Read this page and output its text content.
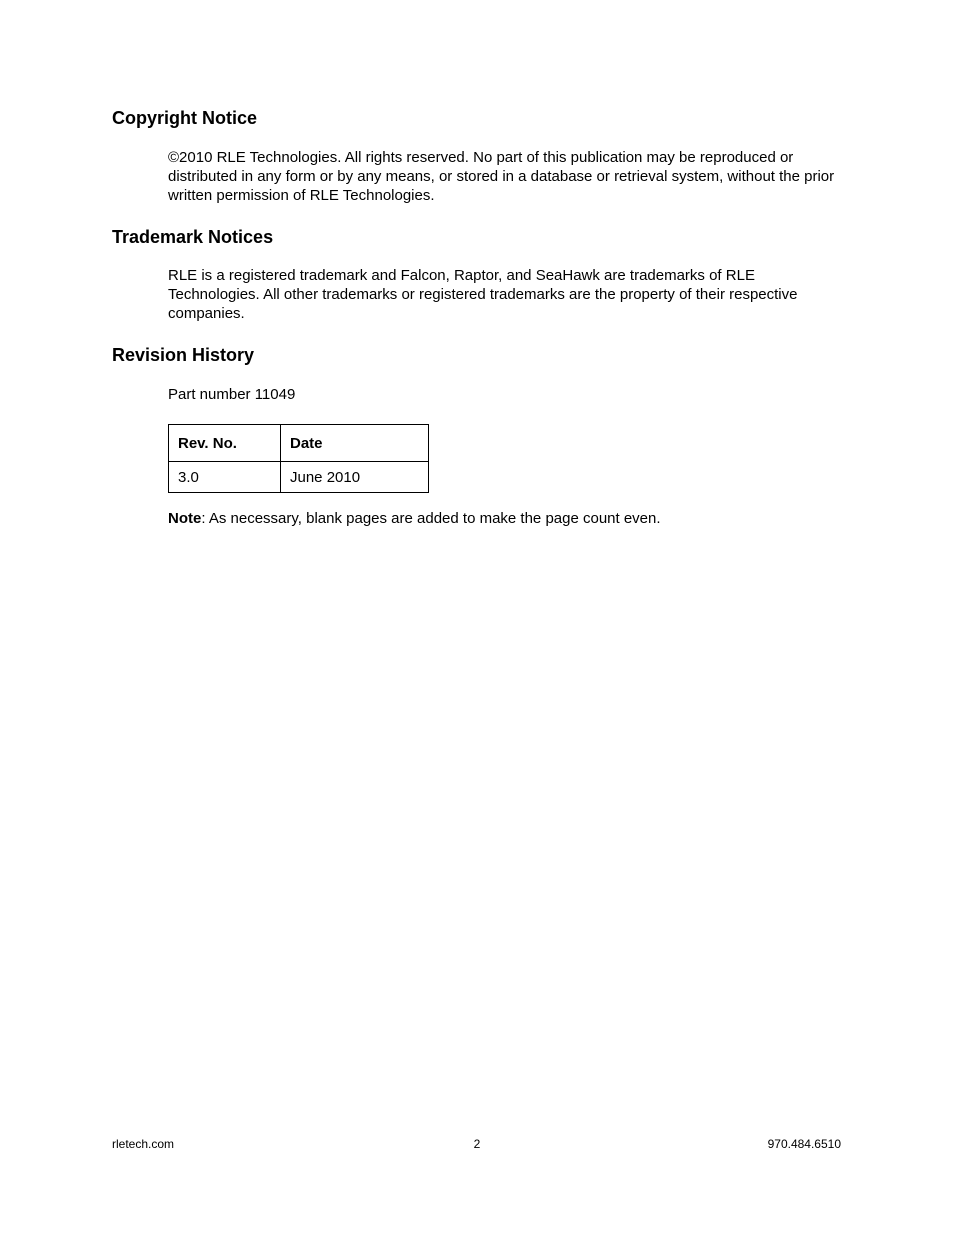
Copyright Notice

©2010 RLE Technologies. All rights reserved. No part of this publication may be reproduced or distributed in any form or by any means, or stored in a database or retrieval system, without the prior written permission of RLE Technologies.

Trademark Notices

RLE is a registered trademark and Falcon, Raptor, and SeaHawk are trademarks of RLE Technologies. All other trademarks or registered trademarks are the property of their respective companies.

Revision History

Part number 11049

Rev. No.	Date
3.0	June 2010

Note: As necessary, blank pages are added to make the page count even.

rletech.com	2	970.484.6510
